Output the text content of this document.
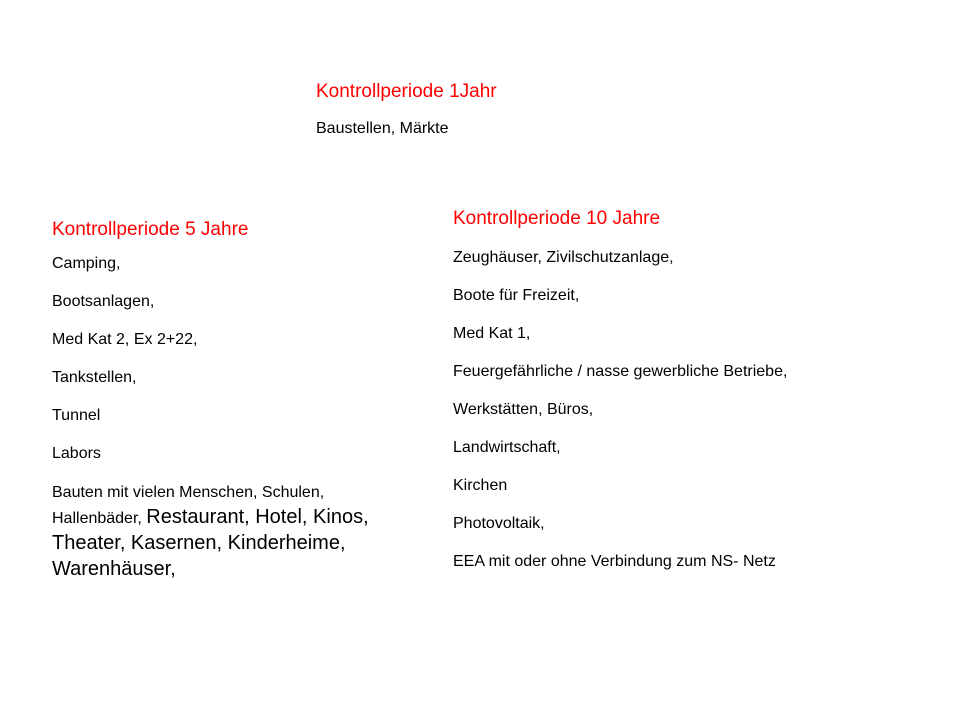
Kontrollperiode 1Jahr
Baustellen, Märkte
Kontrollperiode 5 Jahre
Camping,
Bootsanlagen,
Med Kat 2, Ex 2+22,
Tankstellen,
Tunnel
Labors
Bauten mit vielen Menschen, Schulen, Hallenbäder, Restaurant, Hotel, Kinos, Theater, Kasernen, Kinderheime, Warenhäuser,
Kontrollperiode 10 Jahre
Zeughäuser, Zivilschutzanlage,
Boote für Freizeit,
Med Kat 1,
Feuergefährliche / nasse gewerbliche Betriebe,
Werkstätten, Büros,
Landwirtschaft,
Kirchen
Photovoltaik,
EEA mit oder ohne Verbindung zum NS- Netz
